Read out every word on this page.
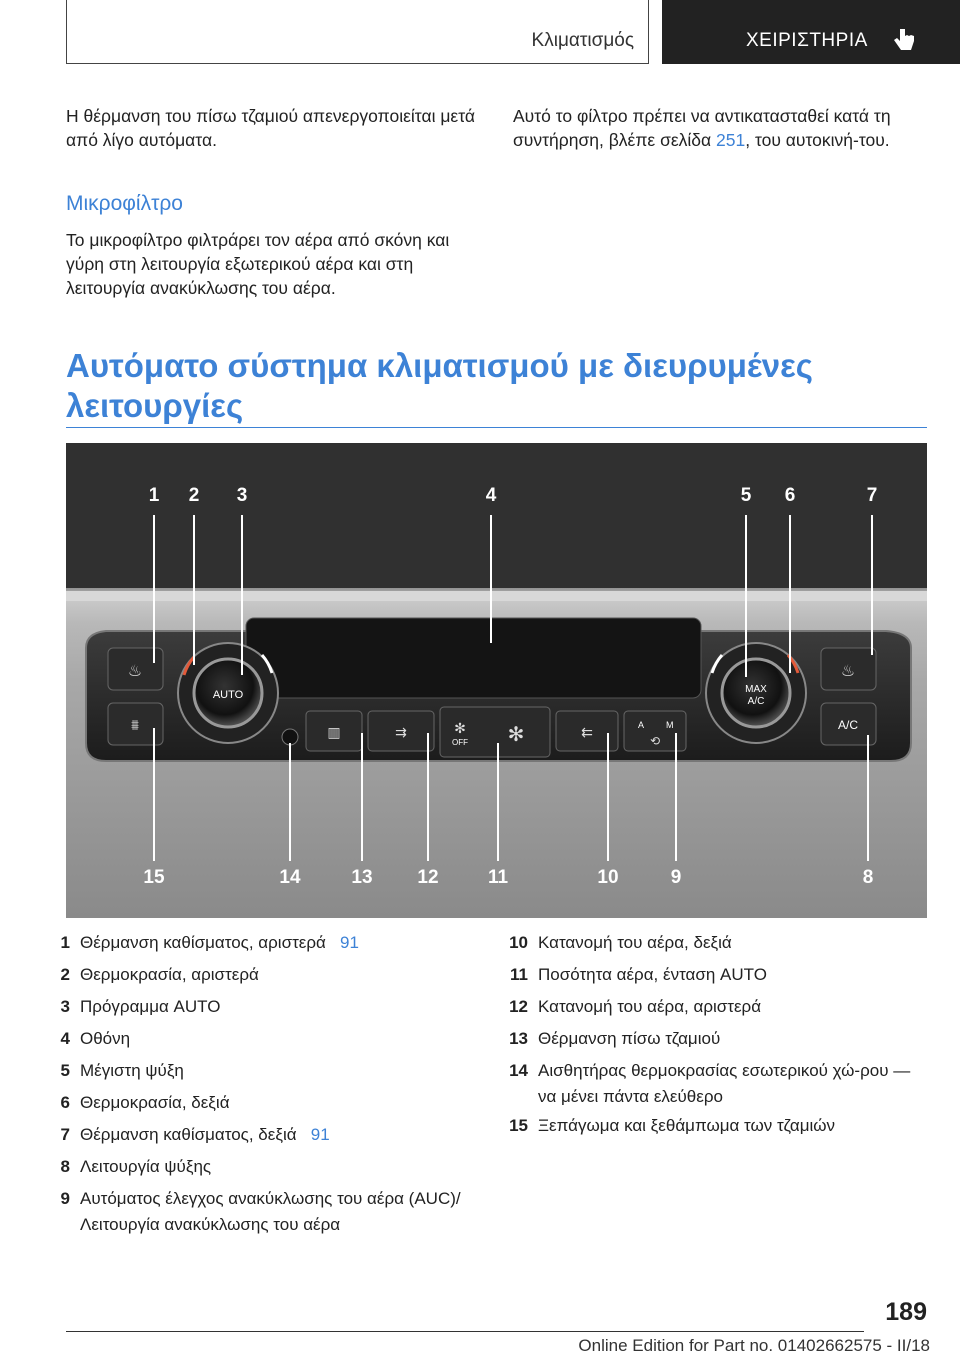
Κλιματισμός	ΧΕΙΡΙΣΤΗΡΙΑ

Η θέρμανση του πίσω τζαμιού απενεργοποιείται μετά από λίγο αυτόματα.

Μικροφίλτρο

Το μικροφίλτρο φιλτράρει τον αέρα από σκόνη και γύρη στη λειτουργία εξωτερικού αέρα και στη λειτουργία ανακύκλωσης του αέρα.

Αυτό το φίλτρο πρέπει να αντικατασταθεί κατά τη συντήρηση, βλέπε σελίδα 251, του αυτοκινή-του.

Αυτόματο σύστημα κλιματισμού με διευρυμένες λειτουργίες
AUTO	MAX
A/C
A/C
OFF
A M
♨	♨
⩩	▥	⇉	✻
✻	⇇
⟲
1 2 3	4	5 6	7
15	14	13 12	11	10	9	8
1 Θέρμανση καθίσματος, αριστερά 91
2 Θερμοκρασία, αριστερά
3 Πρόγραμμα AUTO
4 Οθόνη
5 Μέγιστη ψύξη
6 Θερμοκρασία, δεξιά
7 Θέρμανση καθίσματος, δεξιά 91
8 Λειτουργία ψύξης
9 Αυτόματος έλεγχος ανακύκλωσης του αέρα (AUC)/Λειτουργία ανακύκλωσης του αέρα
10 Κατανομή του αέρα, δεξιά
11 Ποσότητα αέρα, ένταση AUTO
12 Κατανομή του αέρα, αριστερά
13 Θέρμανση πίσω τζαμιού
14 Αισθητήρας θερμοκρασίας εσωτερικού χώ-ρου — να μένει πάντα ελεύθερο
15 Ξεπάγωμα και ξεθάμπωμα των τζαμιών
189
Online Edition for Part no. 01402662575 - II/18
